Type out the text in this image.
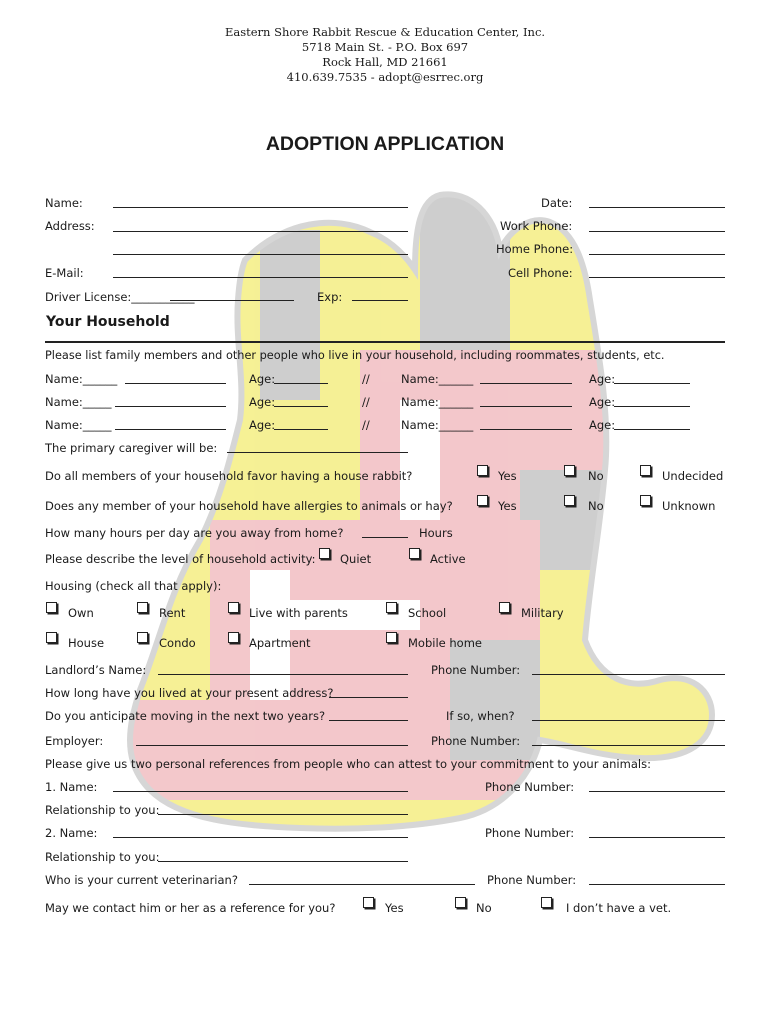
Eastern Shore Rabbit Rescue & Education Center, Inc.
5718 Main St. - P.O. Box 697
Rock Hall, MD 21661
410.639.7535 - adopt@esrrec.org
ADOPTION APPLICATION
Name:	Date:
Address:	Work Phone:
Home Phone:
E-Mail:	Cell Phone:
Driver License:___________	Exp:
Your Household
Please list family members and other people who live in your household, including roommates, students, etc.
Name:______	Age:	//	Name:______	Age:
Name:_____	Age:	//	Name:______	Age:
Name:_____	Age:	//	Name:______	Age:
The primary caregiver will be:
Do all members of your household favor having a house rabbit?	Yes	No	Undecided
Does any member of your household have allergies to animals or hay?	Yes	No	Unknown
How many hours per day are you away from home?	Hours
Please describe the level of household activity: Quiet	Active
Housing (check all that apply):
Own	Rent	Live with parents	School	Military
House	Condo	Apartment	Mobile home
Landlord’s Name:	Phone Number:
How long have you lived at your present address?
Do you anticipate moving in the next two years?	If so, when?
Employer:	Phone Number:
Please give us two personal references from people who can attest to your commitment to your animals:
1. Name:	Phone Number:
Relationship to you:
2. Name:	Phone Number:
Relationship to you:
Who is your current veterinarian?	Phone Number:
May we contact him or her as a reference for you?	Yes	No	I don’t have a vet.
